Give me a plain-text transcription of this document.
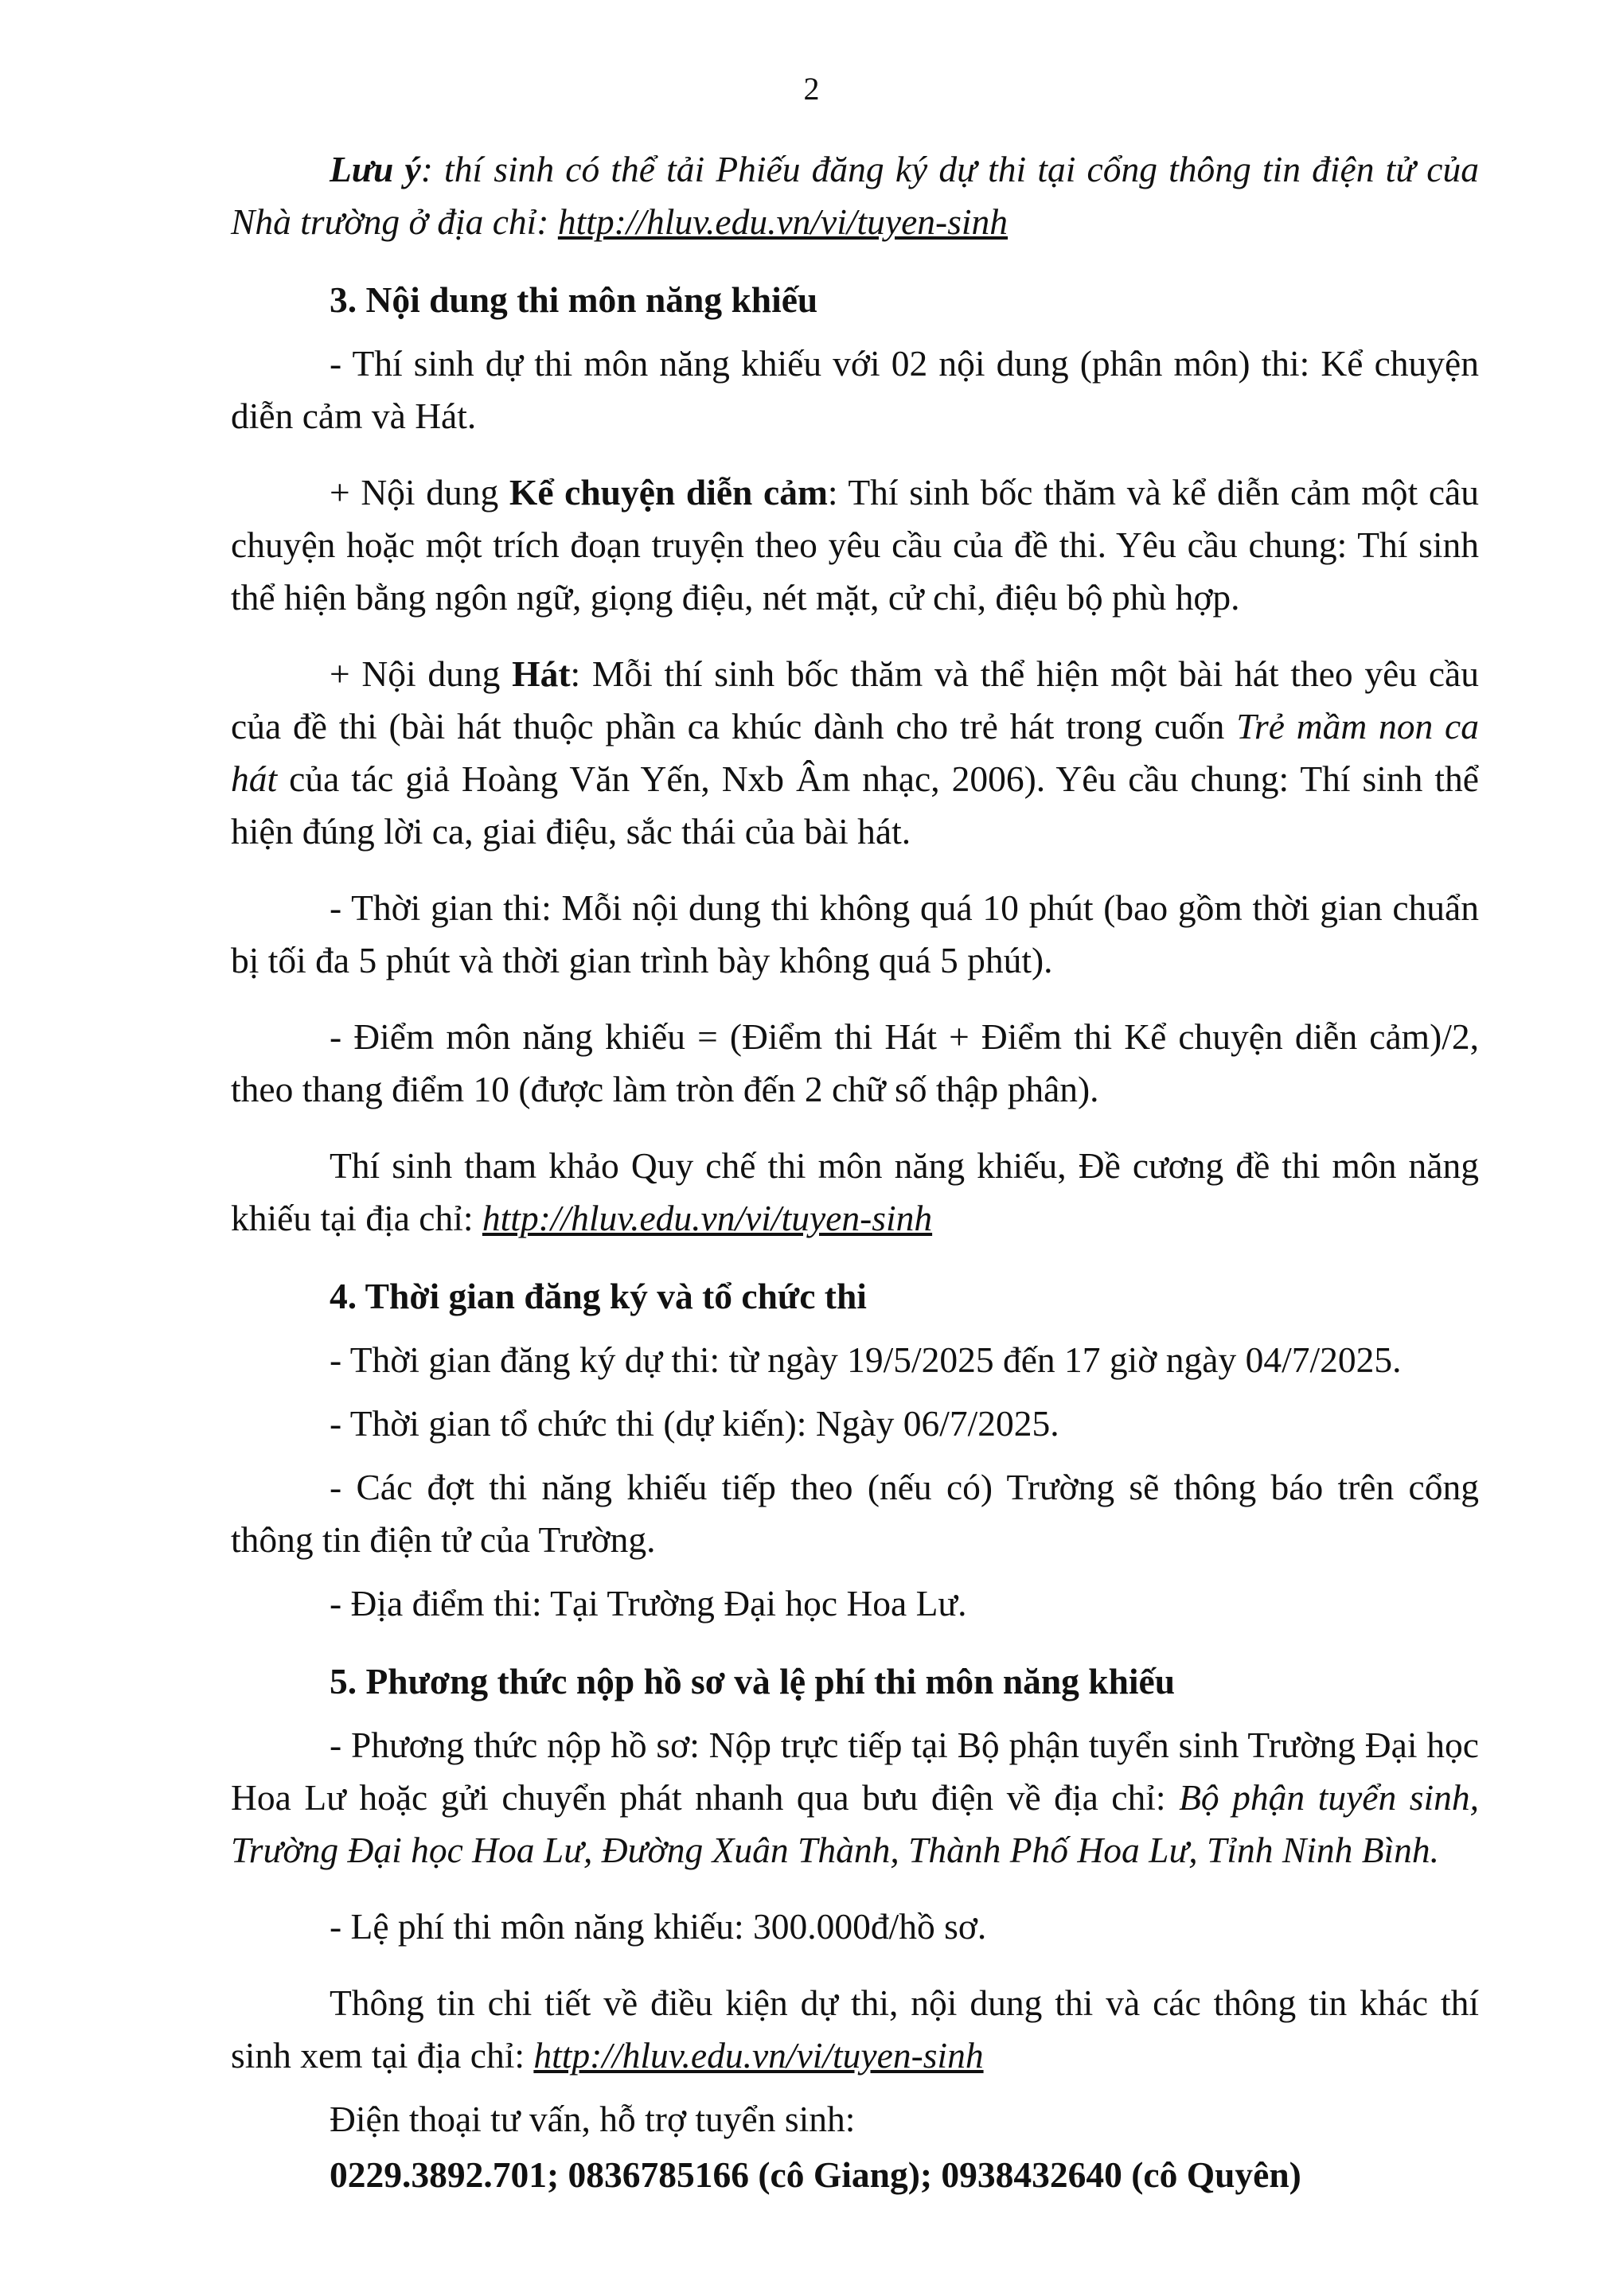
2

Lưu ý: thí sinh có thể tải Phiếu đăng ký dự thi tại cổng thông tin điện tử của Nhà trường ở địa chỉ: http://hluv.edu.vn/vi/tuyen-sinh

3. Nội dung thi môn năng khiếu

- Thí sinh dự thi môn năng khiếu với 02 nội dung (phân môn) thi: Kể chuyện diễn cảm và Hát.

+ Nội dung Kể chuyện diễn cảm: Thí sinh bốc thăm và kể diễn cảm một câu chuyện hoặc một trích đoạn truyện theo yêu cầu của đề thi. Yêu cầu chung: Thí sinh thể hiện bằng ngôn ngữ, giọng điệu, nét mặt, cử chỉ, điệu bộ phù hợp.

+ Nội dung Hát: Mỗi thí sinh bốc thăm và thể hiện một bài hát theo yêu cầu của đề thi (bài hát thuộc phần ca khúc dành cho trẻ hát trong cuốn Trẻ mầm non ca hát của tác giả Hoàng Văn Yến, Nxb Âm nhạc, 2006). Yêu cầu chung: Thí sinh thể hiện đúng lời ca, giai điệu, sắc thái của bài hát.

- Thời gian thi: Mỗi nội dung thi không quá 10 phút (bao gồm thời gian chuẩn bị tối đa 5 phút và thời gian trình bày không quá 5 phút).

- Điểm môn năng khiếu = (Điểm thi Hát + Điểm thi Kể chuyện diễn cảm)/2, theo thang điểm 10 (được làm tròn đến 2 chữ số thập phân).

Thí sinh tham khảo Quy chế thi môn năng khiếu, Đề cương đề thi môn năng khiếu tại địa chỉ: http://hluv.edu.vn/vi/tuyen-sinh

4. Thời gian đăng ký và tổ chức thi

- Thời gian đăng ký dự thi: từ ngày 19/5/2025 đến 17 giờ ngày 04/7/2025.

- Thời gian tổ chức thi (dự kiến): Ngày 06/7/2025.

- Các đợt thi năng khiếu tiếp theo (nếu có) Trường sẽ thông báo trên cổng thông tin điện tử của Trường.

- Địa điểm thi: Tại Trường Đại học Hoa Lư.

5. Phương thức nộp hồ sơ và lệ phí thi môn năng khiếu

- Phương thức nộp hồ sơ: Nộp trực tiếp tại Bộ phận tuyển sinh Trường Đại học Hoa Lư hoặc gửi chuyển phát nhanh qua bưu điện về địa chỉ: Bộ phận tuyển sinh, Trường Đại học Hoa Lư, Đường Xuân Thành, Thành Phố Hoa Lư, Tỉnh Ninh Bình.

- Lệ phí thi môn năng khiếu: 300.000đ/hồ sơ.

Thông tin chi tiết về điều kiện dự thi, nội dung thi và các thông tin khác thí sinh xem tại địa chỉ: http://hluv.edu.vn/vi/tuyen-sinh

Điện thoại tư vấn, hỗ trợ tuyển sinh:

0229.3892.701; 0836785166 (cô Giang); 0938432640 (cô Quyên)
